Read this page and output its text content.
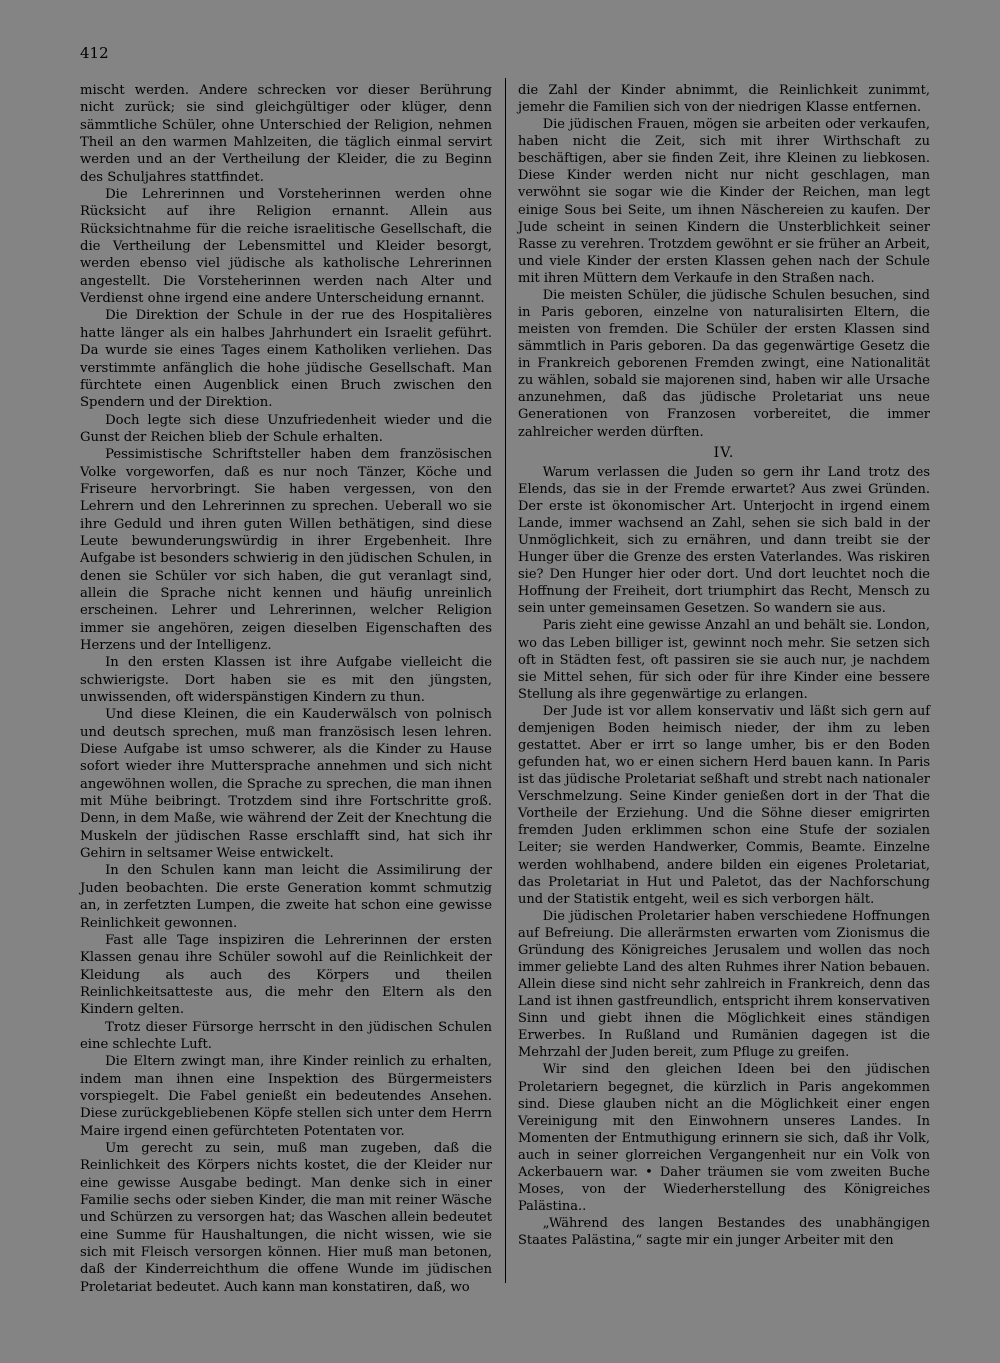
412

mischt werden. Andere schrecken vor dieser Berührung nicht zurück; sie sind gleichgültiger oder klüger, denn sämmtliche Schüler, ohne Unterschied der Religion, nehmen Theil an den warmen Mahlzeiten, die täglich einmal servirt werden und an der Vertheilung der Kleider, die zu Beginn des Schuljahres stattfindet.

Die Lehrerinnen und Vorsteherinnen werden ohne Rücksicht auf ihre Religion ernannt. Allein aus Rücksichtnahme für die reiche israelitische Gesellschaft, die die Vertheilung der Lebensmittel und Kleider besorgt, werden ebenso viel jüdische als katholische Lehrerinnen angestellt. Die Vorsteherinnen werden nach Alter und Verdienst ohne irgend eine andere Unterscheidung ernannt.

Die Direktion der Schule in der rue des Hospitalières hatte länger als ein halbes Jahrhundert ein Israelit geführt. Da wurde sie eines Tages einem Katholiken verliehen. Das verstimmte anfänglich die hohe jüdische Gesellschaft. Man fürchtete einen Augenblick einen Bruch zwischen den Spendern und der Direktion.

Doch legte sich diese Unzufriedenheit wieder und die Gunst der Reichen blieb der Schule erhalten.

Pessimistische Schriftsteller haben dem französischen Volke vorgeworfen, daß es nur noch Tänzer, Köche und Friseure hervorbringt. Sie haben vergessen, von den Lehrern und den Lehrerinnen zu sprechen. Ueberall wo sie ihre Geduld und ihren guten Willen bethätigen, sind diese Leute bewunderungswürdig in ihrer Ergebenheit. Ihre Aufgabe ist besonders schwierig in den jüdischen Schulen, in denen sie Schüler vor sich haben, die gut veranlagt sind, allein die Sprache nicht kennen und häufig unreinlich erscheinen. Lehrer und Lehrerinnen, welcher Religion immer sie angehören, zeigen dieselben Eigenschaften des Herzens und der Intelligenz.

In den ersten Klassen ist ihre Aufgabe vielleicht die schwierigste. Dort haben sie es mit den jüngsten, unwissenden, oft widerspänstigen Kindern zu thun.

Und diese Kleinen, die ein Kauderwälsch von polnisch und deutsch sprechen, muß man französisch lesen lehren. Diese Aufgabe ist umso schwerer, als die Kinder zu Hause sofort wieder ihre Muttersprache annehmen und sich nicht angewöhnen wollen, die Sprache zu sprechen, die man ihnen mit Mühe beibringt. Trotzdem sind ihre Fortschritte groß. Denn, in dem Maße, wie während der Zeit der Knechtung die Muskeln der jüdischen Rasse erschlafft sind, hat sich ihr Gehirn in seltsamer Weise entwickelt.

In den Schulen kann man leicht die Assimilirung der Juden beobachten. Die erste Generation kommt schmutzig an, in zerfetzten Lumpen, die zweite hat schon eine gewisse Reinlichkeit gewonnen.

Fast alle Tage inspiziren die Lehrerinnen der ersten Klassen genau ihre Schüler sowohl auf die Reinlichkeit der Kleidung als auch des Körpers und theilen Reinlichkeitsatteste aus, die mehr den Eltern als den Kindern gelten.

Trotz dieser Fürsorge herrscht in den jüdischen Schulen eine schlechte Luft.

Die Eltern zwingt man, ihre Kinder reinlich zu erhalten, indem man ihnen eine Inspektion des Bürgermeisters vorspiegelt. Die Fabel genießt ein bedeutendes Ansehen. Diese zurückgebliebenen Köpfe stellen sich unter dem Herrn Maire irgend einen gefürchteten Potentaten vor.

Um gerecht zu sein, muß man zugeben, daß die Reinlichkeit des Körpers nichts kostet, die der Kleider nur eine gewisse Ausgabe bedingt. Man denke sich in einer Familie sechs oder sieben Kinder, die man mit reiner Wäsche und Schürzen zu versorgen hat; das Waschen allein bedeutet eine Summe für Haushaltungen, die nicht wissen, wie sie sich mit Fleisch versorgen können. Hier muß man betonen, daß der Kinderreichthum die offene Wunde im jüdischen Proletariat bedeutet. Auch kann man konstatiren, daß, wo

die Zahl der Kinder abnimmt, die Reinlichkeit zunimmt, jemehr die Familien sich von der niedrigen Klasse entfernen.

Die jüdischen Frauen, mögen sie arbeiten oder verkaufen, haben nicht die Zeit, sich mit ihrer Wirthschaft zu beschäftigen, aber sie finden Zeit, ihre Kleinen zu liebkosen. Diese Kinder werden nicht nur nicht geschlagen, man verwöhnt sie sogar wie die Kinder der Reichen, man legt einige Sous bei Seite, um ihnen Näschereien zu kaufen. Der Jude scheint in seinen Kindern die Unsterblichkeit seiner Rasse zu verehren. Trotzdem gewöhnt er sie früher an Arbeit, und viele Kinder der ersten Klassen gehen nach der Schule mit ihren Müttern dem Verkaufe in den Straßen nach.

Die meisten Schüler, die jüdische Schulen besuchen, sind in Paris geboren, einzelne von naturalisirten Eltern, die meisten von fremden. Die Schüler der ersten Klassen sind sämmtlich in Paris geboren. Da das gegenwärtige Gesetz die in Frankreich geborenen Fremden zwingt, eine Nationalität zu wählen, sobald sie majorenen sind, haben wir alle Ursache anzunehmen, daß das jüdische Proletariat uns neue Generationen von Franzosen vorbereitet, die immer zahlreicher werden dürften.

IV.

Warum verlassen die Juden so gern ihr Land trotz des Elends, das sie in der Fremde erwartet? Aus zwei Gründen. Der erste ist ökonomischer Art. Unterjocht in irgend einem Lande, immer wachsend an Zahl, sehen sie sich bald in der Unmöglichkeit, sich zu ernähren, und dann treibt sie der Hunger über die Grenze des ersten Vaterlandes. Was riskiren sie? Den Hunger hier oder dort. Und dort leuchtet noch die Hoffnung der Freiheit, dort triumphirt das Recht, Mensch zu sein unter gemeinsamen Gesetzen. So wandern sie aus.

Paris zieht eine gewisse Anzahl an und behält sie. London, wo das Leben billiger ist, gewinnt noch mehr. Sie setzen sich oft in Städten fest, oft passiren sie sie auch nur, je nachdem sie Mittel sehen, für sich oder für ihre Kinder eine bessere Stellung als ihre gegenwärtige zu erlangen.

Der Jude ist vor allem konservativ und läßt sich gern auf demjenigen Boden heimisch nieder, der ihm zu leben gestattet. Aber er irrt so lange umher, bis er den Boden gefunden hat, wo er einen sichern Herd bauen kann. In Paris ist das jüdische Proletariat seßhaft und strebt nach nationaler Verschmelzung. Seine Kinder genießen dort in der That die Vortheile der Erziehung. Und die Söhne dieser emigrirten fremden Juden erklimmen schon eine Stufe der sozialen Leiter; sie werden Handwerker, Commis, Beamte. Einzelne werden wohlhabend, andere bilden ein eigenes Proletariat, das Proletariat in Hut und Paletot, das der Nachforschung und der Statistik entgeht, weil es sich verborgen hält.

Die jüdischen Proletarier haben verschiedene Hoffnungen auf Befreiung. Die allerärmsten erwarten vom Zionismus die Gründung des Königreiches Jerusalem und wollen das noch immer geliebte Land des alten Ruhmes ihrer Nation bebauen. Allein diese sind nicht sehr zahlreich in Frankreich, denn das Land ist ihnen gastfreundlich, entspricht ihrem konservativen Sinn und giebt ihnen die Möglichkeit eines ständigen Erwerbes. In Rußland und Rumänien dagegen ist die Mehrzahl der Juden bereit, zum Pfluge zu greifen.

Wir sind den gleichen Ideen bei den jüdischen Proletariern begegnet, die kürzlich in Paris angekommen sind. Diese glauben nicht an die Möglichkeit einer engen Vereinigung mit den Einwohnern unseres Landes. In Momenten der Entmuthigung erinnern sie sich, daß ihr Volk, auch in seiner glorreichen Vergangenheit nur ein Volk von Ackerbauern war. • Daher träumen sie vom zweiten Buche Moses, von der Wiederherstellung des Königreiches Palästina..

„Während des langen Bestandes des unabhängigen Staates Palästina,“ sagte mir ein junger Arbeiter mit den
